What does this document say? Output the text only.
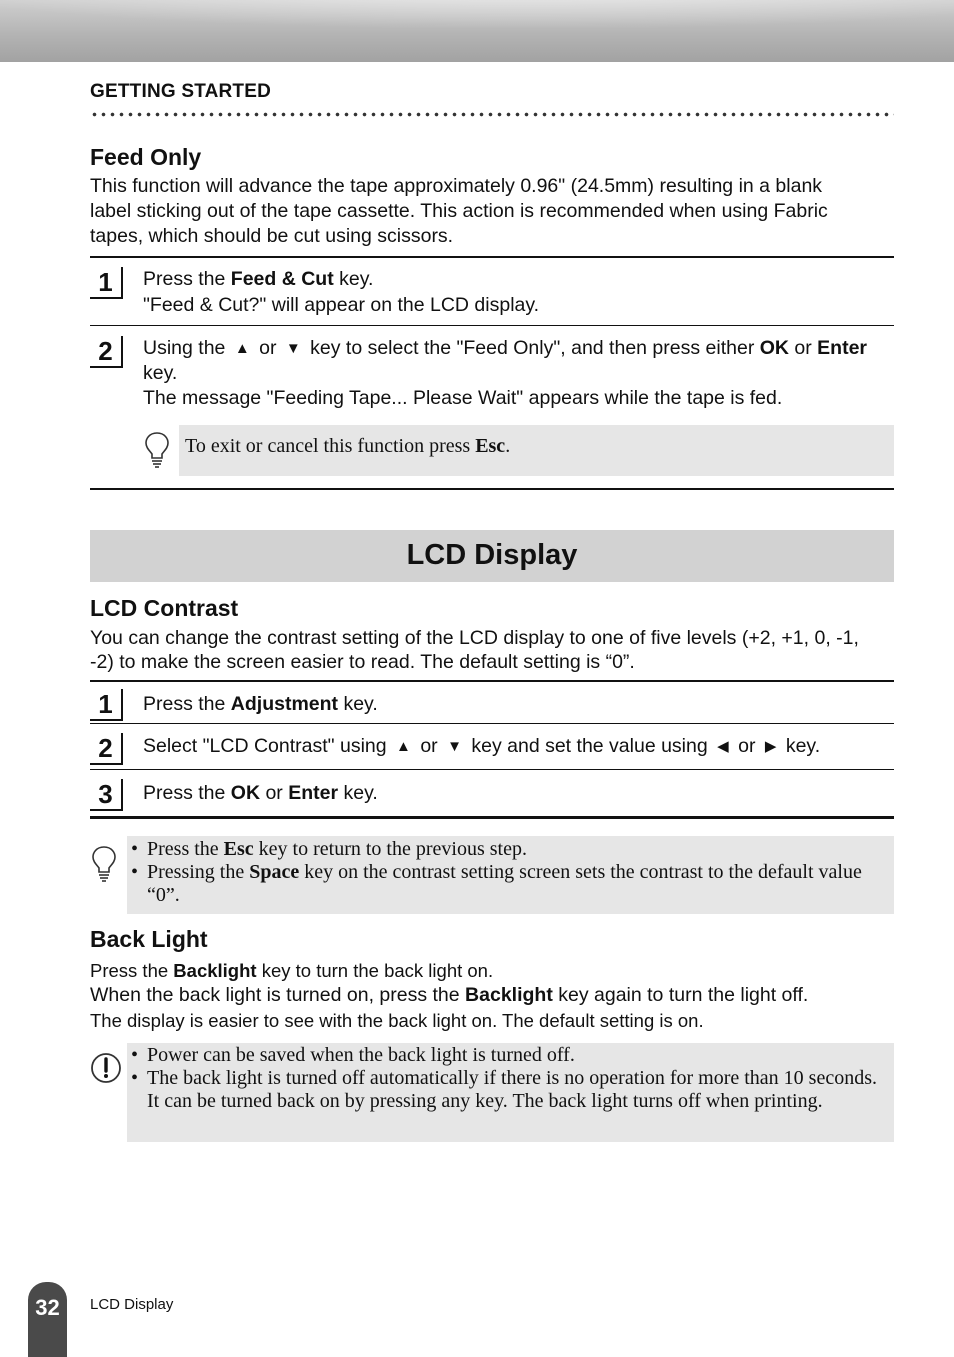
GETTING STARTED
Feed Only
This function will advance the tape approximately 0.96" (24.5mm) resulting in a blank
label sticking out of the tape cassette. This action is recommended when using Fabric
tapes, which should be cut using scissors.
1	Press the Feed & Cut key.
"Feed & Cut?" will appear on the LCD display.
2	Using the ▲ or ▼ key to select the "Feed Only", and then press either OK or Enter
key.
The message "Feeding Tape... Please Wait" appears while the tape is fed.
To exit or cancel this function press Esc.
LCD Display
LCD Contrast
You can change the contrast setting of the LCD display to one of five levels (+2, +1, 0, -1,
-2) to make the screen easier to read. The default setting is “0”.
1	Press the Adjustment key.
2	Select "LCD Contrast" using ▲ or ▼ key and set the value using ◀ or ▶ key.
3	Press the OK or Enter key.
• Press the Esc key to return to the previous step.
• Pressing the Space key on the contrast setting screen sets the contrast to the default value “0”.
Back Light
Press the Backlight key to turn the back light on.
When the back light is turned on, press the Backlight key again to turn the light off.
The display is easier to see with the back light on. The default setting is on.
• Power can be saved when the back light is turned off.
• The back light is turned off automatically if there is no operation for more than 10 seconds. It can be turned back on by pressing any key. The back light turns off when printing.
32	LCD Display
